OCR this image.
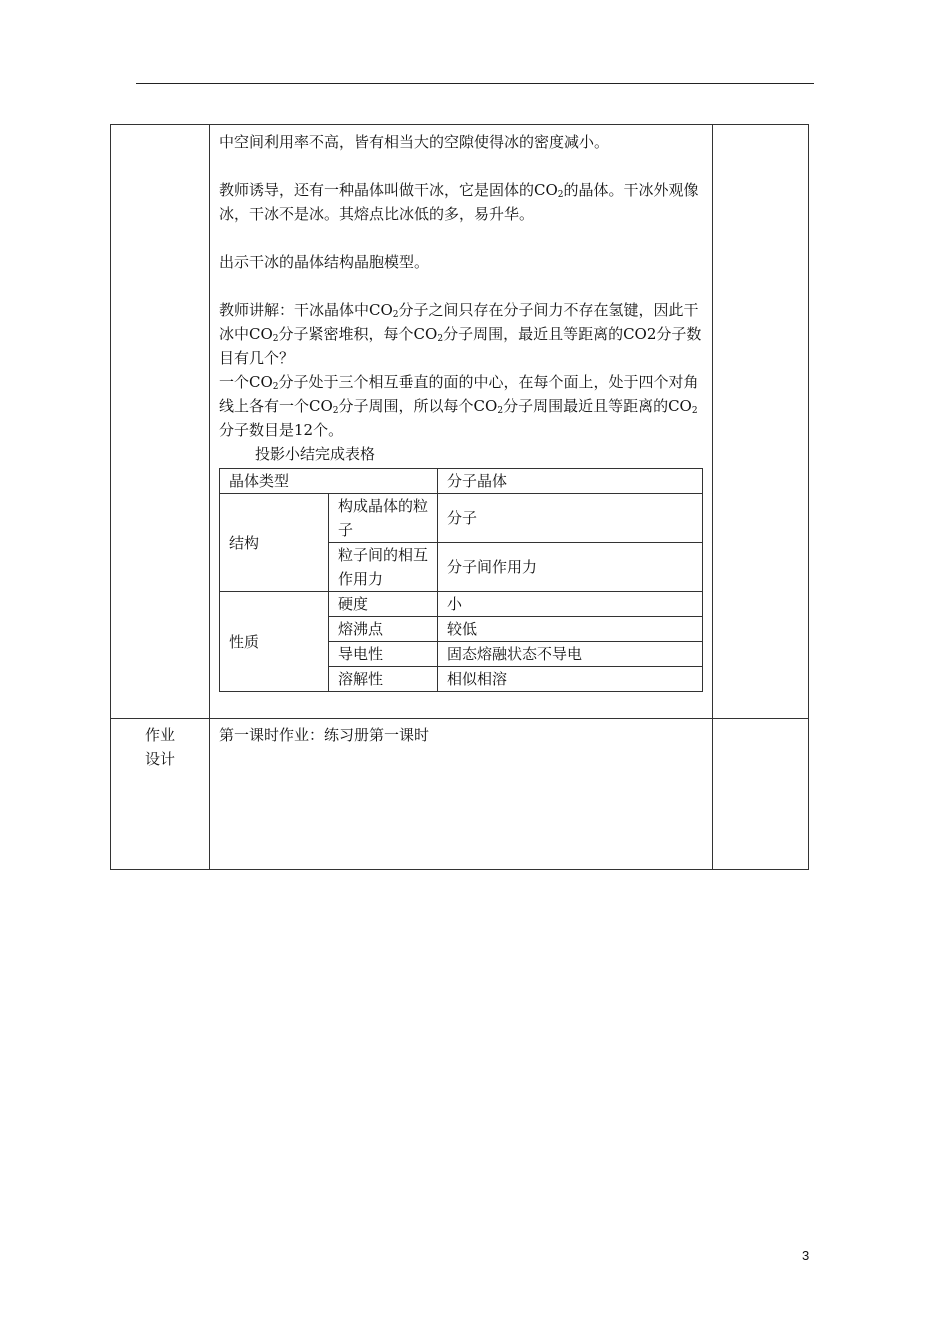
中空间利用率不高，皆有相当大的空隙使得冰的密度减小。

教师诱导，还有一种晶体叫做干冰，它是固体的$CO_2$的晶体。干冰外观像冰，干冰不是冰。其熔点比冰低的多，易升华。

出示干冰的晶体结构晶胞模型。

教师讲解：干冰晶体中$CO_2$分子之间只存在分子间力不存在氢键，因此干冰中$CO_2$分子紧密堆积，每个$CO_2$分子周围，最近且等距离的CO2分子数目有几个？

一个$CO_2$分子处于三个相互垂直的面的中心，在每个面上，处于四个对角线上各有一个$CO_2$分子周围，所以每个$CO_2$分子周围最近且等距离的$CO_2$分子数目是12个。

投影小结完成表格

晶体类型	分子晶体
结构	构成晶体的粒子	分子
粒子间的相互作用力	分子间作用力
性质	硬度	小
熔沸点	较低
导电性	固态熔融状态不导电
溶解性	相似相溶

作业
设计

第一课时作业：练习册第一课时

3
